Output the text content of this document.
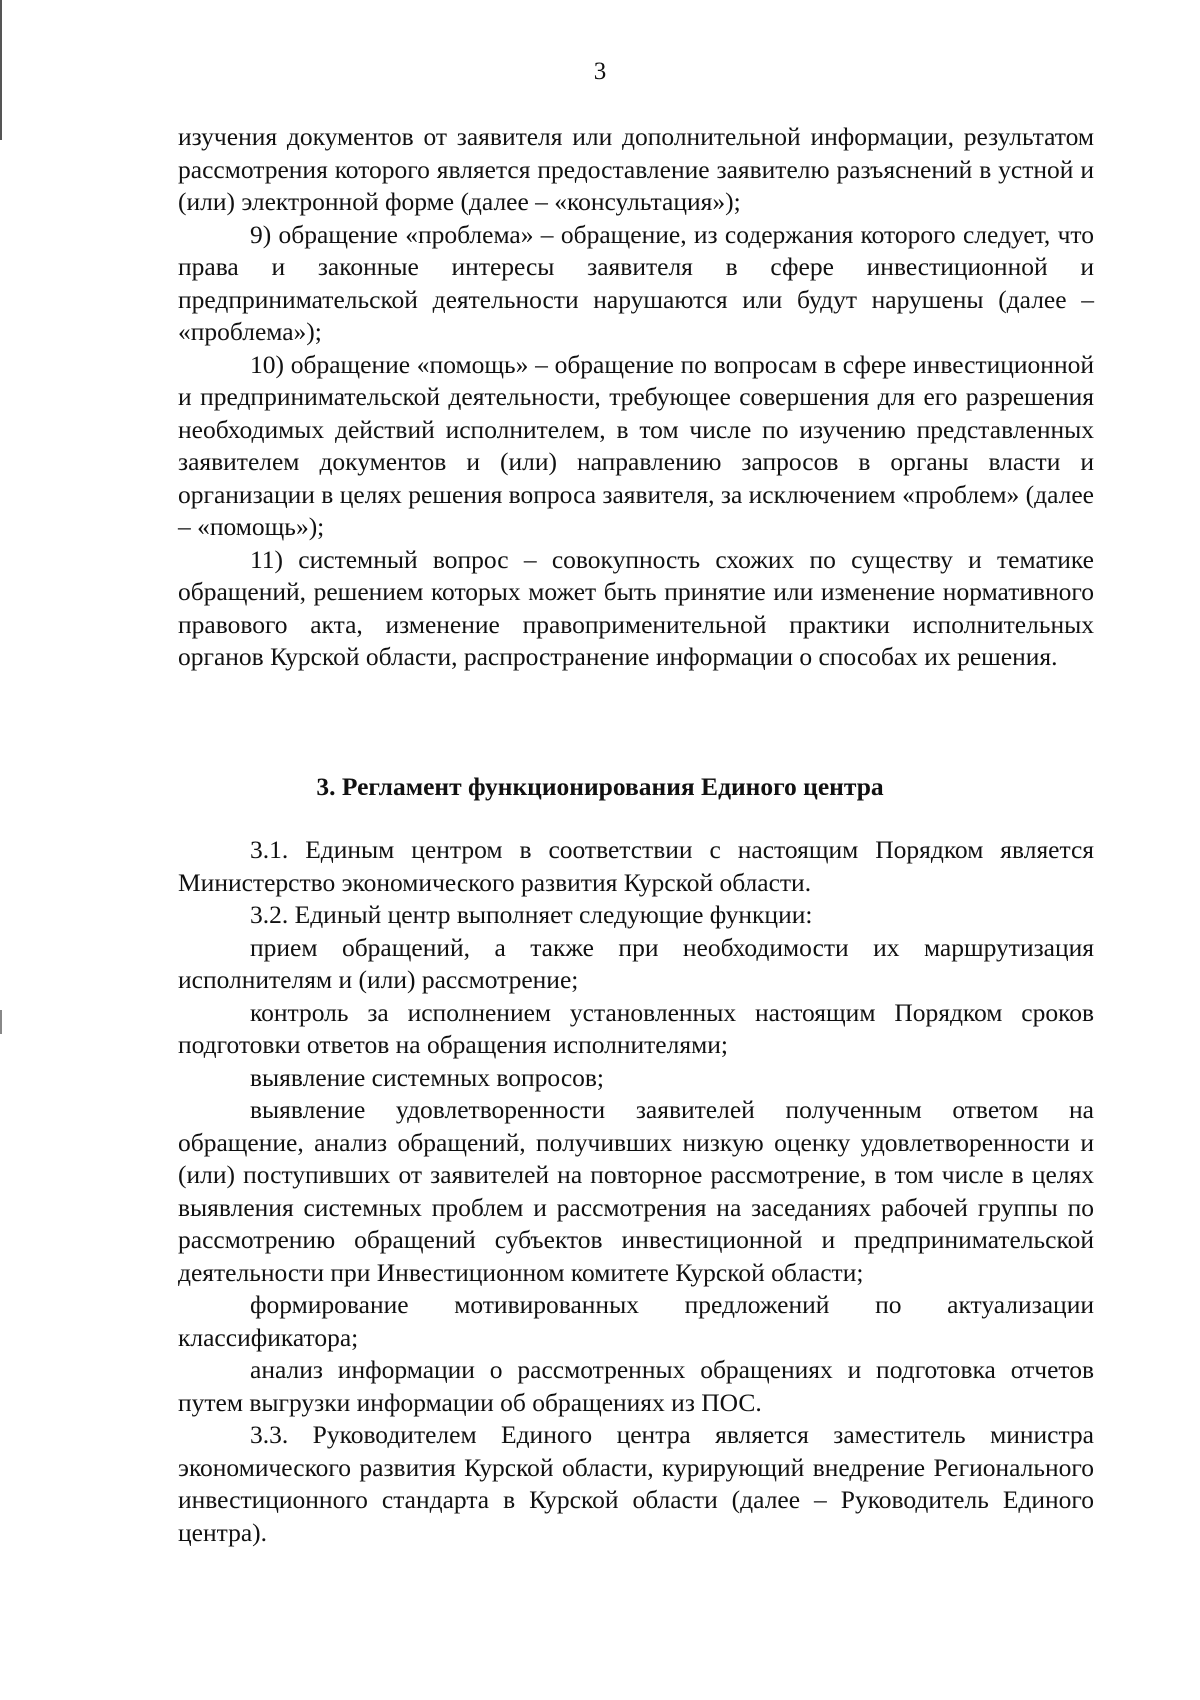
3

изучения документов от заявителя или дополнительной информации, результатом рассмотрения которого является предоставление заявителю разъяснений в устной и (или) электронной форме (далее – «консультация»);

9) обращение «проблема» – обращение, из содержания которого следует, что права и законные интересы заявителя в сфере инвестиционной и предпринимательской деятельности нарушаются или будут нарушены (далее – «проблема»);

10) обращение «помощь» – обращение по вопросам в сфере инвестиционной и предпринимательской деятельности, требующее совершения для его разрешения необходимых действий исполнителем, в том числе по изучению представленных заявителем документов и (или) направлению запросов в органы власти и организации в целях решения вопроса заявителя, за исключением «проблем» (далее – «помощь»);

11) системный вопрос – совокупность схожих по существу и тематике обращений, решением которых может быть принятие или изменение нормативного правового акта, изменение правоприменительной практики исполнительных органов Курской области, распространение информации о способах их решения.

3. Регламент функционирования Единого центра

3.1. Единым центром в соответствии с настоящим Порядком является Министерство экономического развития Курской области.

3.2. Единый центр выполняет следующие функции:

прием обращений, а также при необходимости их маршрутизация исполнителям и (или) рассмотрение;

контроль за исполнением установленных настоящим Порядком сроков подготовки ответов на обращения исполнителями;

выявление системных вопросов;

выявление удовлетворенности заявителей полученным ответом на обращение, анализ обращений, получивших низкую оценку удовлетворенности и (или) поступивших от заявителей на повторное рассмотрение, в том числе в целях выявления системных проблем и рассмотрения на заседаниях рабочей группы по рассмотрению обращений субъектов инвестиционной и предпринимательской деятельности при Инвестиционном комитете Курской области;

формирование мотивированных предложений по актуализации классификатора;

анализ информации о рассмотренных обращениях и подготовка отчетов путем выгрузки информации об обращениях из ПОС.

3.3. Руководителем Единого центра является заместитель министра экономического развития Курской области, курирующий внедрение Регионального инвестиционного стандарта в Курской области (далее – Руководитель Единого центра).
